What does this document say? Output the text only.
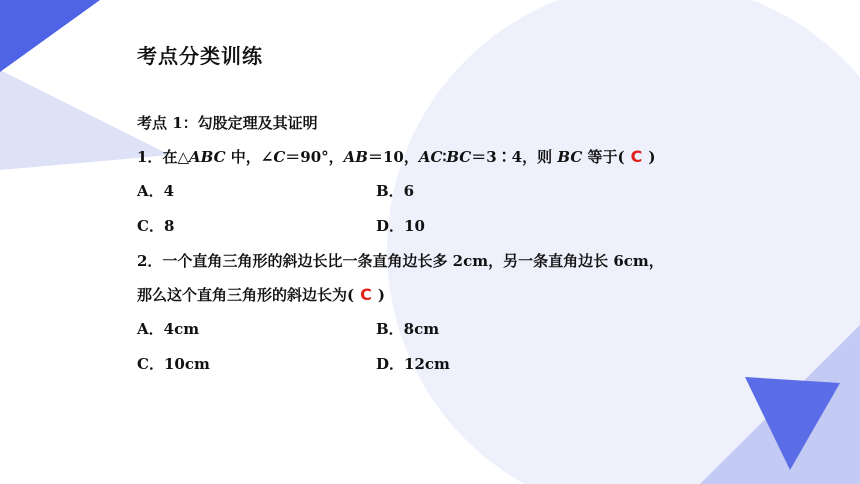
考点分类训练
考点 1：勾股定理及其证明
1．在△ABC 中，∠C＝90°，AB＝10，AC∶BC＝3∶4，则 BC 等于( C )
A．4	B．6
C．8	D．10
2．一个直角三角形的斜边长比一条直角边长多 2cm，另一条直角边长 6cm，
那么这个直角三角形的斜边长为( C )
A．4cm	B．8cm
C．10cm	D．12cm
